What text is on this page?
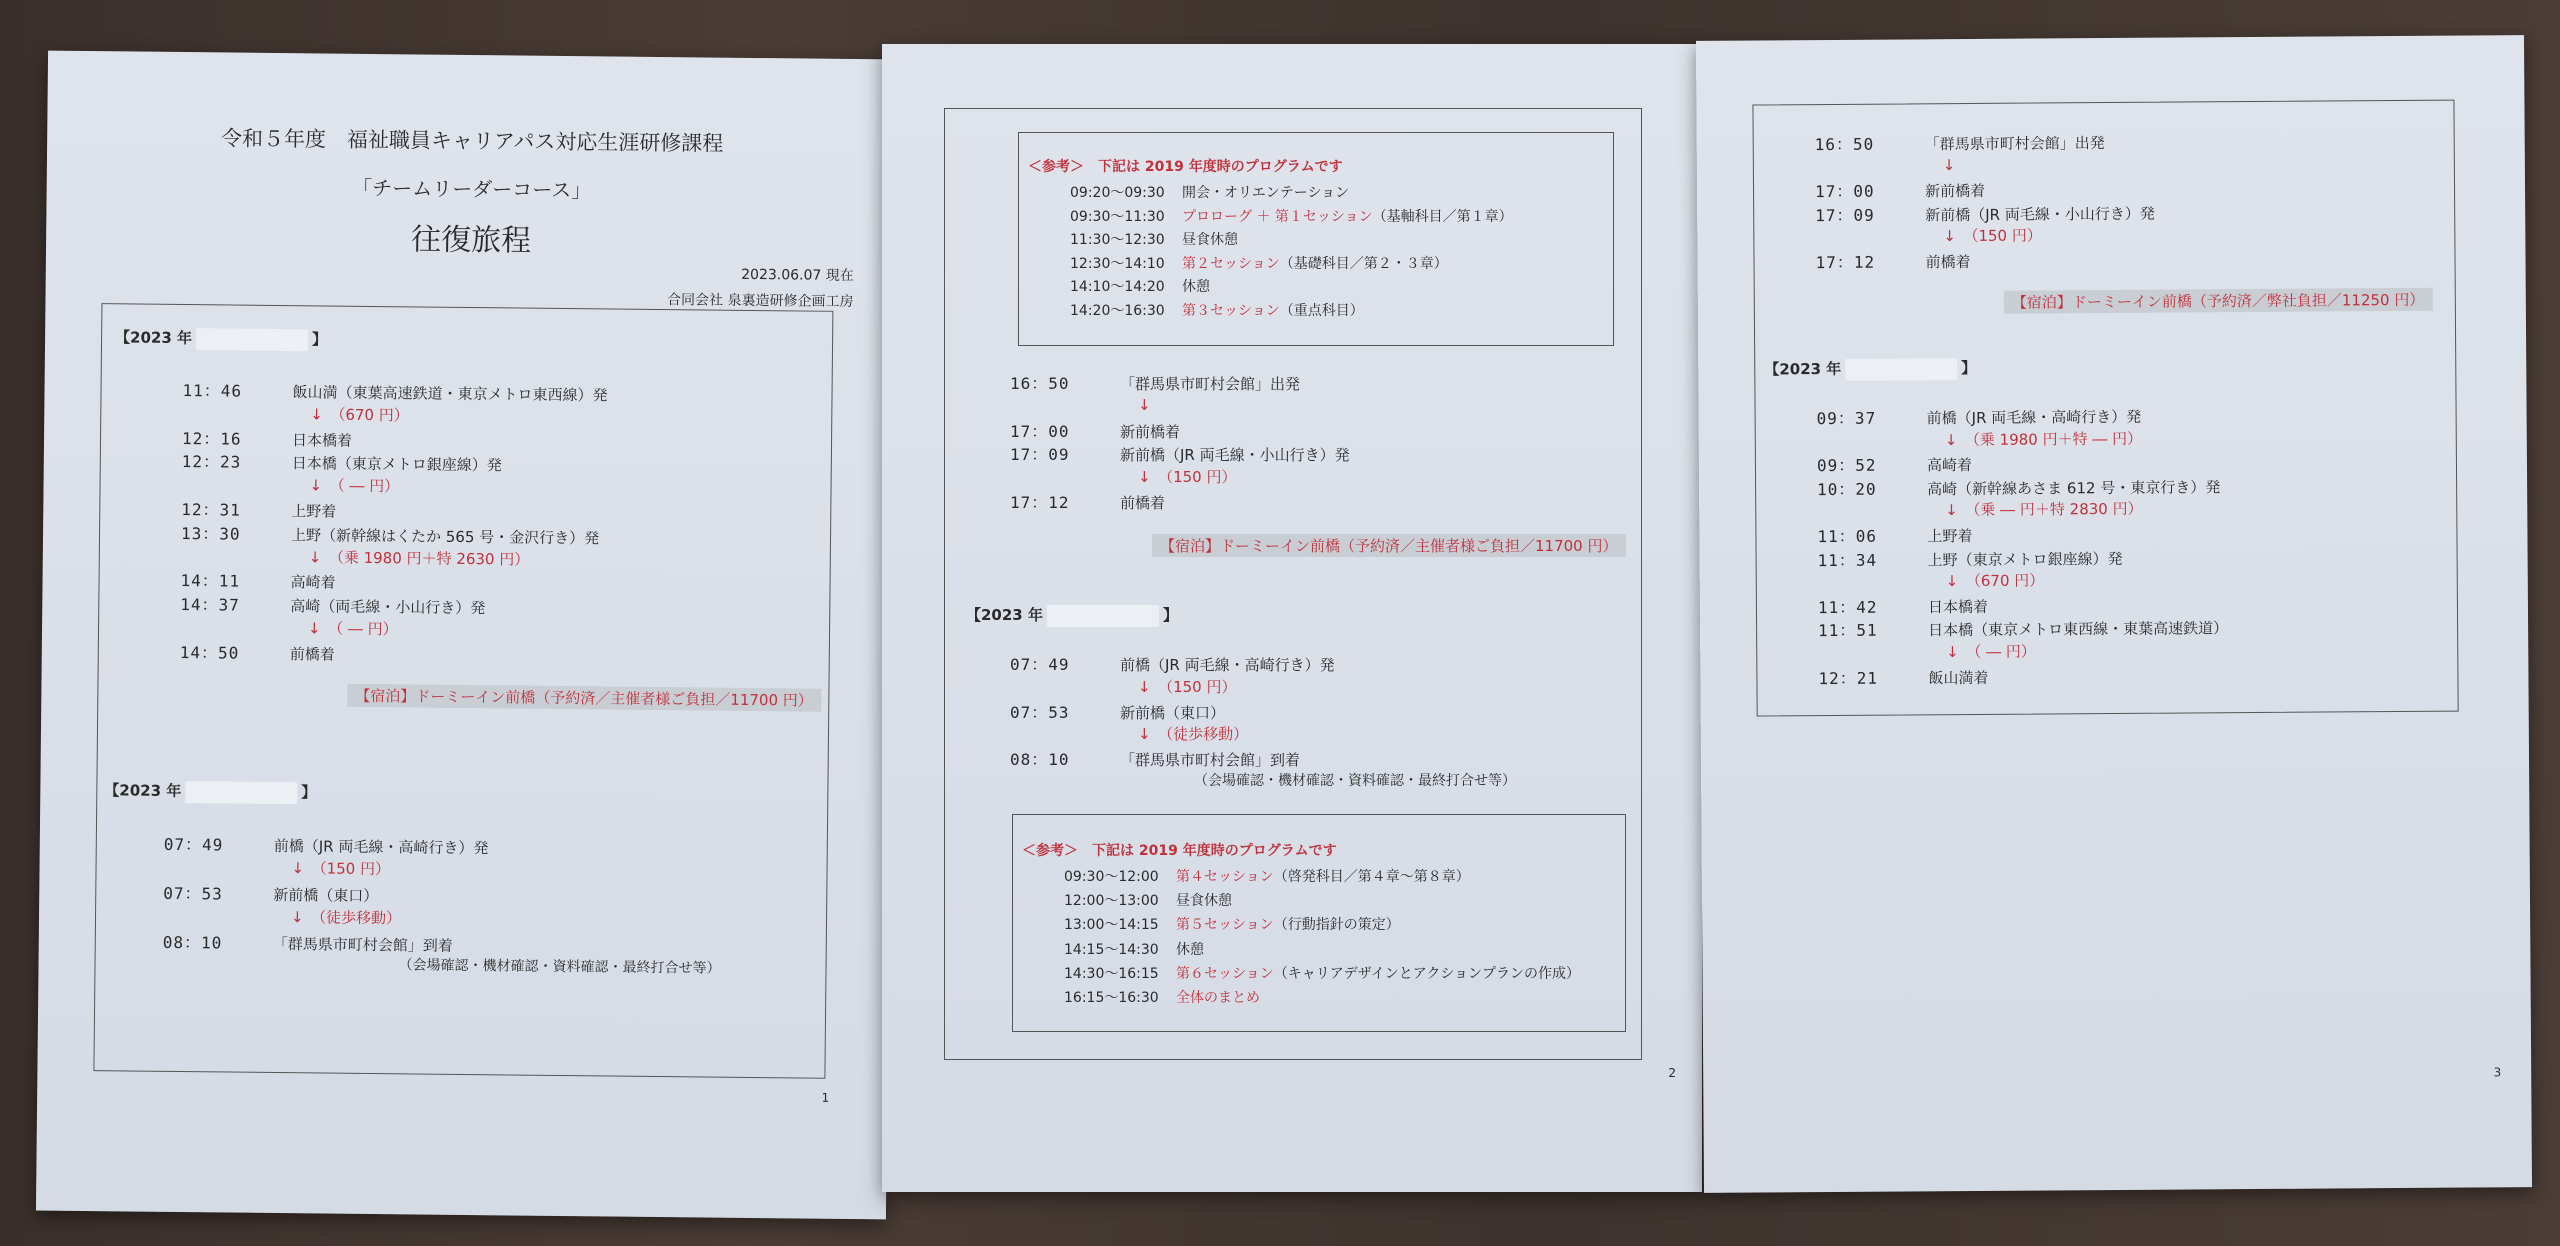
令和５年度　福祉職員キャリアパス対応生涯研修課程
「チームリーダーコース」
往復旅程
2023.06.07 現在
合同会社 泉裏造研修企画工房
【2023 年	】
11：46	飯山満（東葉高速鉄道・東京メトロ東西線）発
↓　（670 円）
12：16	日本橋着
12：23	日本橋（東京メトロ銀座線）発
↓　（ ― 円）
12：31	上野着
13：30	上野（新幹線はくたか 565 号・金沢行き）発
↓　（乗 1980 円＋特 2630 円）
14：11	高崎着
14：37	高崎（両毛線・小山行き）発
↓　（ ― 円）
14：50	前橋着
【宿泊】ドーミーイン前橋（予約済／主催者様ご負担／11700 円）
【2023 年	】
07：49	前橋（JR 両毛線・高崎行き）発
↓　（150 円）
07：53	新前橋（東口）
↓　（徒歩移動）
08：10	「群馬県市町村会館」到着
（会場確認・機材確認・資料確認・最終打合せ等）
1
＜参考＞　下記は 2019 年度時のプログラムです
09:20～09:30 開会・オリエンテーション
09:30～11:30 プロローグ ＋ 第１セッション（基軸科目／第１章）
11:30～12:30 昼食休憩
12:30～14:10 第２セッション（基礎科目／第２・３章）
14:10～14:20 休憩
14:20～16:30 第３セッション（重点科目）
16：50	「群馬県市町村会館」出発
↓
17：00	新前橋着
17：09	新前橋（JR 両毛線・小山行き）発
↓　（150 円）
17：12	前橋着
【宿泊】ドーミーイン前橋（予約済／主催者様ご負担／11700 円）
【2023 年	】
07：49	前橋（JR 両毛線・高崎行き）発
↓　（150 円）
07：53	新前橋（東口）
↓　（徒歩移動）
08：10	「群馬県市町村会館」到着
（会場確認・機材確認・資料確認・最終打合せ等）
＜参考＞　下記は 2019 年度時のプログラムです
09:30～12:00 第４セッション（啓発科目／第４章～第８章）
12:00～13:00 昼食休憩
13:00～14:15 第５セッション（行動指針の策定）
14:15～14:30 休憩
14:30～16:15 第６セッション（キャリアデザインとアクションプランの作成）
16:15～16:30 全体のまとめ
2
16：50	「群馬県市町村会館」出発
↓
17：00	新前橋着
17：09	新前橋（JR 両毛線・小山行き）発
↓　（150 円）
17：12	前橋着
【宿泊】ドーミーイン前橋（予約済／弊社負担／11250 円）
【2023 年	】
09：37	前橋（JR 両毛線・高崎行き）発
↓　（乗 1980 円＋特 ― 円）
09：52	高崎着
10：20	高崎（新幹線あさま 612 号・東京行き）発
↓　（乗 ― 円＋特 2830 円）
11：06	上野着
11：34	上野（東京メトロ銀座線）発
↓　（670 円）
11：42	日本橋着
11：51	日本橋（東京メトロ東西線・東葉高速鉄道）
↓　（ ― 円）
12：21	飯山満着
3
